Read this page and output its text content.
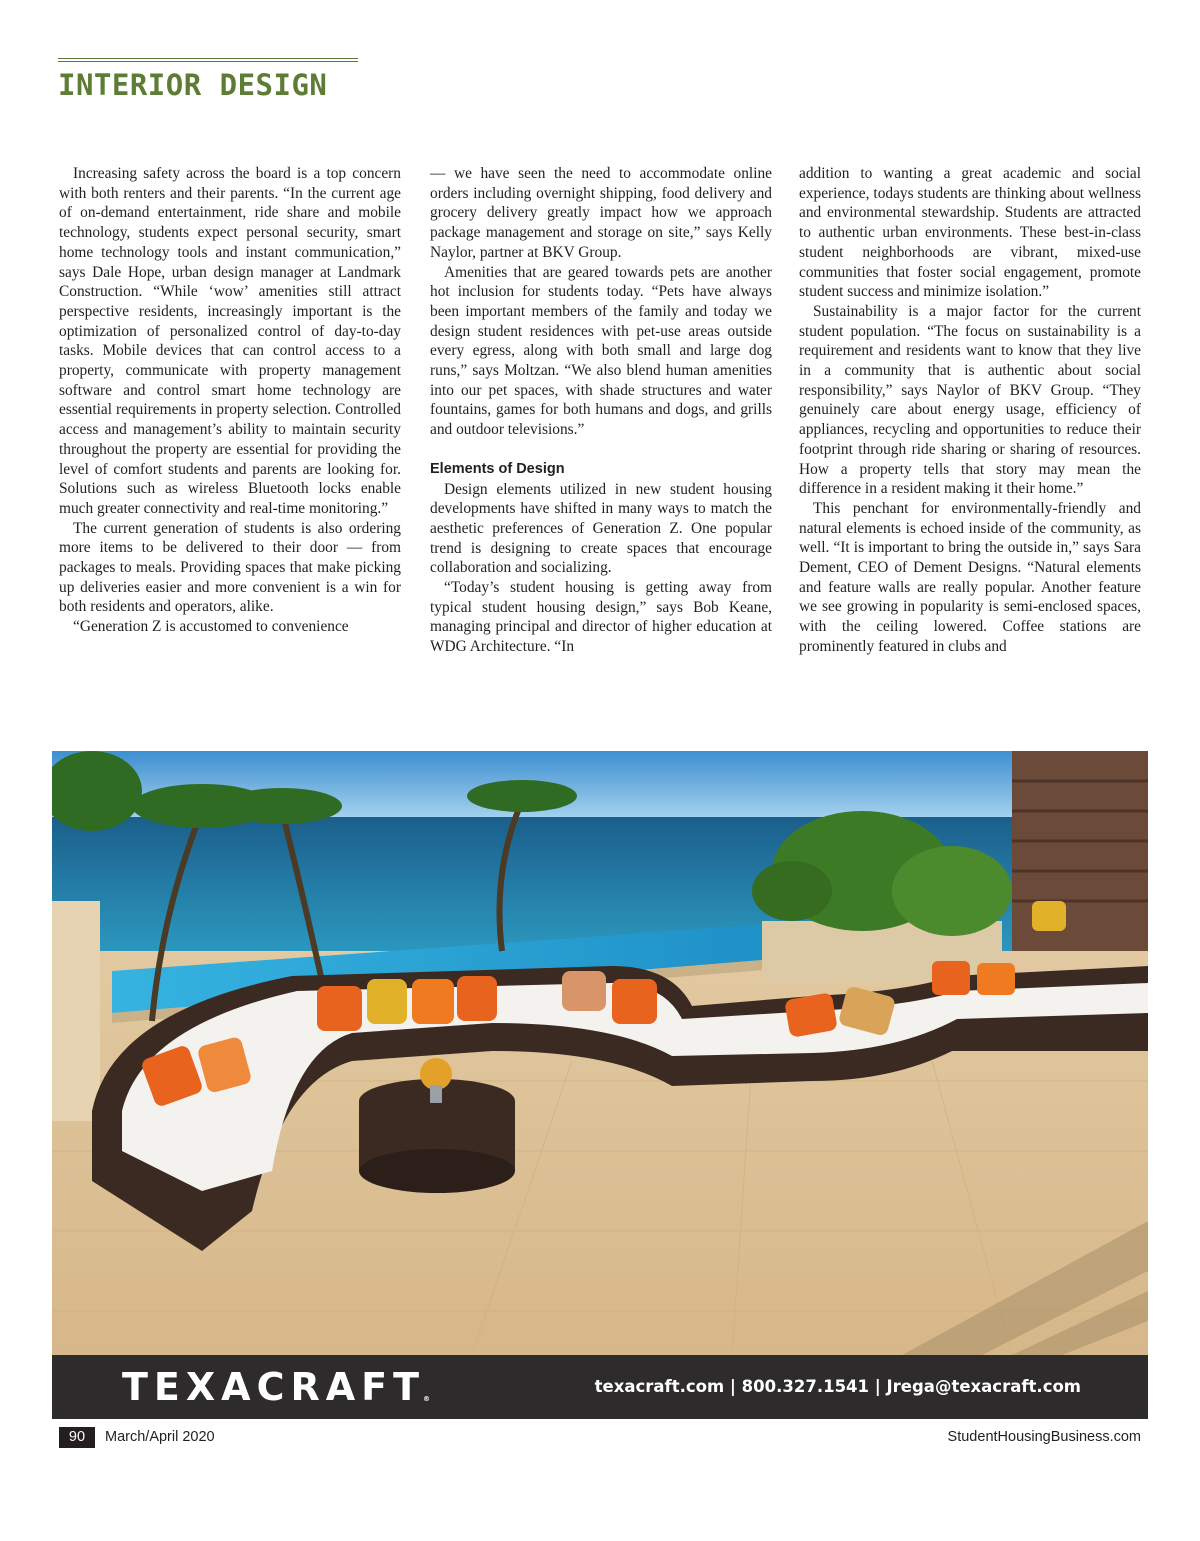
INTERIOR DESIGN

Increasing safety across the board is a top concern with both renters and their parents. “In the current age of on-demand entertainment, ride share and mobile technology, students expect personal security, smart home technology tools and instant communication,” says Dale Hope, urban design manager at Landmark Construction. “While ‘wow’ amenities still attract perspective residents, increasingly important is the optimization of personalized control of day-to-day tasks. Mobile devices that can control access to a property, communicate with property management software and control smart home technology are essential requirements in property selection. Controlled access and management’s ability to maintain security throughout the property are essential for providing the level of comfort students and parents are looking for. Solutions such as wireless Bluetooth locks enable much greater connectivity and real-time monitoring.”

The current generation of students is also ordering more items to be delivered to their door — from packages to meals. Providing spaces that make picking up deliveries easier and more convenient is a win for both residents and operators, alike.

“Generation Z is accustomed to convenience

— we have seen the need to accommodate online orders including overnight shipping, food delivery and grocery delivery greatly impact how we approach package management and storage on site,” says Kelly Naylor, partner at BKV Group.

Amenities that are geared towards pets are another hot inclusion for students today. “Pets have always been important members of the family and today we design student residences with pet-use areas outside every egress, along with both small and large dog runs,” says Moltzan. “We also blend human amenities into our pet spaces, with shade structures and water fountains, games for both humans and dogs, and grills and outdoor televisions.”

Elements of Design

Design elements utilized in new student housing developments have shifted in many ways to match the aesthetic preferences of Generation Z. One popular trend is designing to create spaces that encourage collaboration and socializing.

“Today’s student housing is getting away from typical student housing design,” says Bob Keane, managing principal and director of higher education at WDG Architecture. “In

addition to wanting a great academic and social experience, todays students are thinking about wellness and environmental stewardship. Students are attracted to authentic urban environments. These best-in-class student neighborhoods are vibrant, mixed-use communities that foster social engagement, promote student success and minimize isolation.”

Sustainability is a major factor for the current student population. “The focus on sustainability is a requirement and residents want to know that they live in a community that is authentic about social responsibility,” says Naylor of BKV Group. “They genuinely care about energy usage, efficiency of appliances, recycling and opportunities to reduce their footprint through ride sharing or sharing of resources. How a property tells that story may mean the difference in a resident making it their home.”

This penchant for environmentally-friendly and natural elements is echoed inside of the community, as well. “It is important to bring the outside in,” says Sara Dement, CEO of Dement Designs. “Natural elements and feature walls are really popular. Another feature we see growing in popularity is semi-enclosed spaces, with the ceiling lowered. Coffee stations are prominently featured in clubs and

TEXACRAFT®
texacraft.com | 800.327.1541 | Jrega@texacraft.com
90	March/April 2020	StudentHousingBusiness.com
